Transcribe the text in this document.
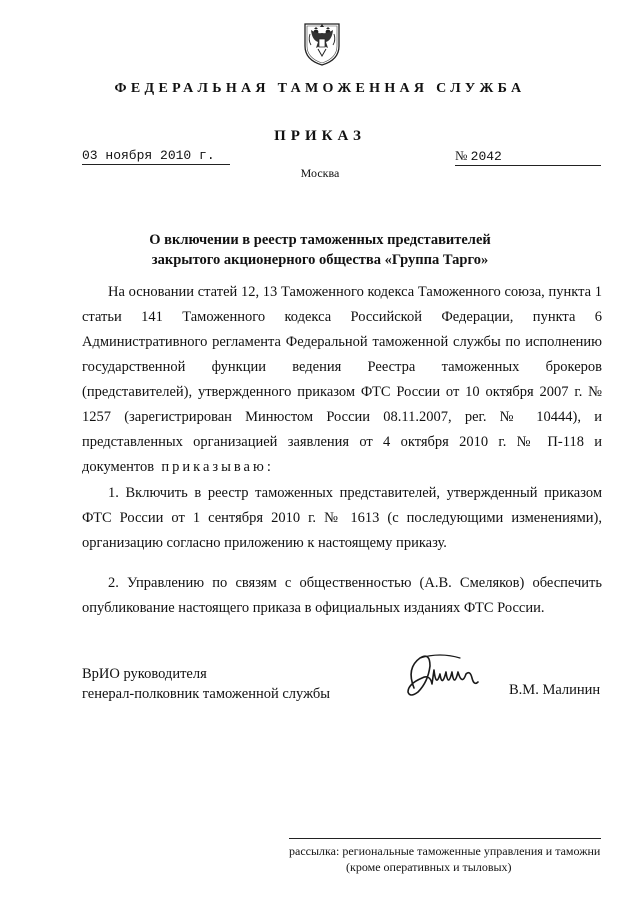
ФЕДЕРАЛЬНАЯ ТАМОЖЕННАЯ СЛУЖБА
ПРИКАЗ
03 ноября 2010 г.	№ 2042
Москва
О включении в реестр таможенных представителей
закрытого акционерного общества «Группа Тарго»

На основании статей 12, 13 Таможенного кодекса Таможенного союза, пункта 1 статьи 141 Таможенного кодекса Российской Федерации, пункта 6 Административного регламента Федеральной таможенной службы по исполнению государственной функции ведения Реестра таможенных брокеров (представителей), утвержденного приказом ФТС России от 10 октября 2007 г. № 1257 (зарегистрирован Минюстом России 08.11.2007, рег. № 10444), и представленных организацией заявления от 4 октября 2010 г. № П-118 и документов приказываю:

1. Включить в реестр таможенных представителей, утвержденный приказом ФТС России от 1 сентября 2010 г. № 1613 (с последующими изменениями), организацию согласно приложению к настоящему приказу.

2. Управлению по связям с общественностью (А.В. Смеляков) обеспечить опубликование настоящего приказа в официальных изданиях ФТС России.

ВрИО руководителя
генерал-полковник таможенной службы	В.М. Малинин
рассылка: региональные таможенные управления и таможни
(кроме оперативных и тыловых)
